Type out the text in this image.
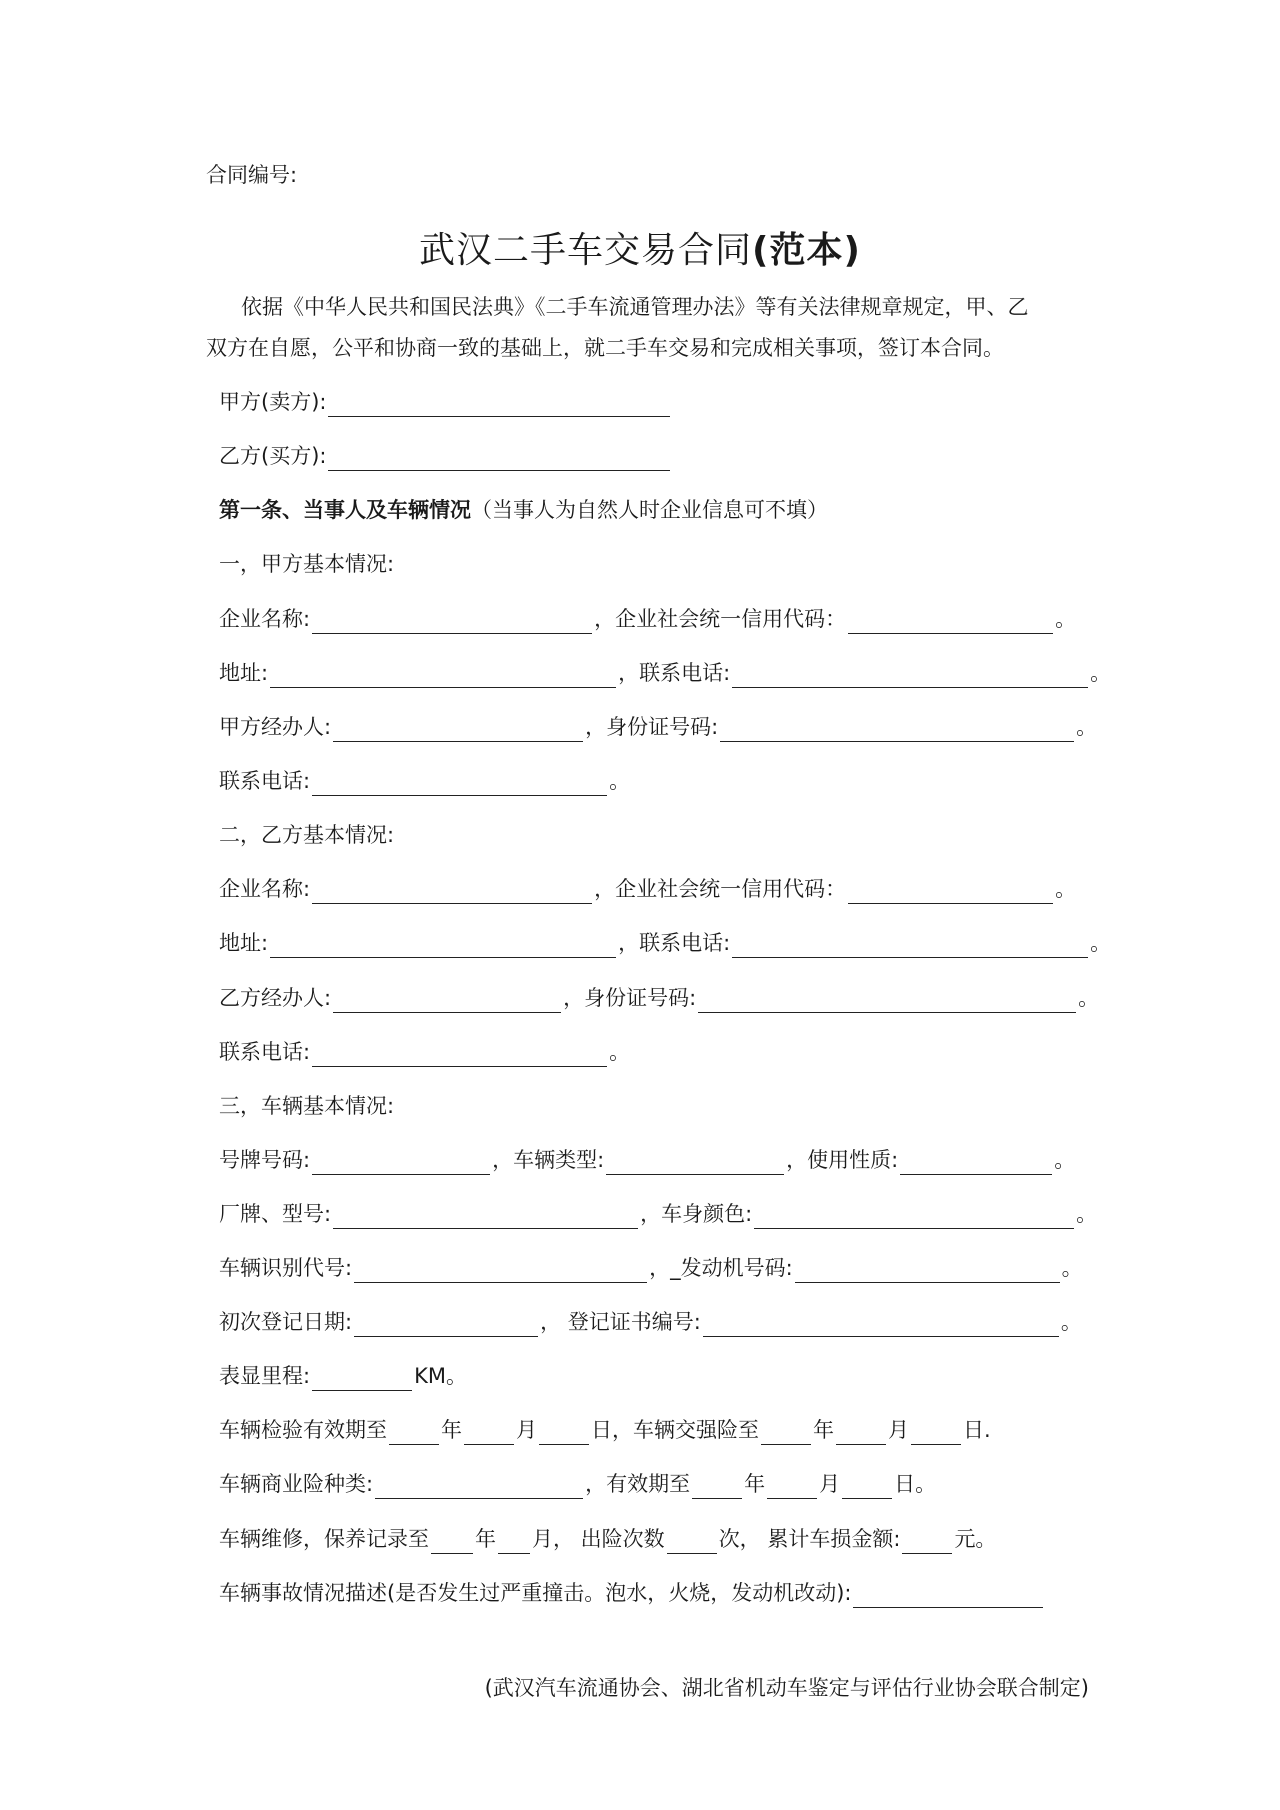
合同编号:
武汉二手车交易合同(范本)
依据《中华人民共和国民法典》《二手车流通管理办法》等有关法律规章规定，甲、乙
双方在自愿，公平和协商一致的基础上，就二手车交易和完成相关事项，签订本合同。
甲方(卖方):
乙方(买方):
第一条、当事人及车辆情况 （当事人为自然人时企业信息可不填）
一，甲方基本情况:
企业名称:	，企业社会统一信用代码：	。
地址:	，联系电话:	。
甲方经办人:	，身份证号码:	。
联系电话:	。
二，乙方基本情况:
企业名称:	，企业社会统一信用代码：	。
地址:	，联系电话:	。
乙方经办人:	，身份证号码:	。
联系电话:	。
三，车辆基本情况:
号牌号码:	，车辆类型:	，使用性质:	。
厂牌、型号:	，车身颜色:	。
车辆识别代号:	，_发动机号码:	。
初次登记日期:	， 登记证书编号:	。
表显里程:	KM。
车辆检验有效期至	年	月	日，车辆交强险至	年	月	日.
车辆商业险种类:	，有效期至	年	月	日。
车辆维修，保养记录至 年 月， 出险次数	次， 累计车损金额:	元。
车辆事故情况描述(是否发生过严重撞击。泡水，火烧，发动机改动):
(武汉汽车流通协会、湖北省机动车鉴定与评估行业协会联合制定)
